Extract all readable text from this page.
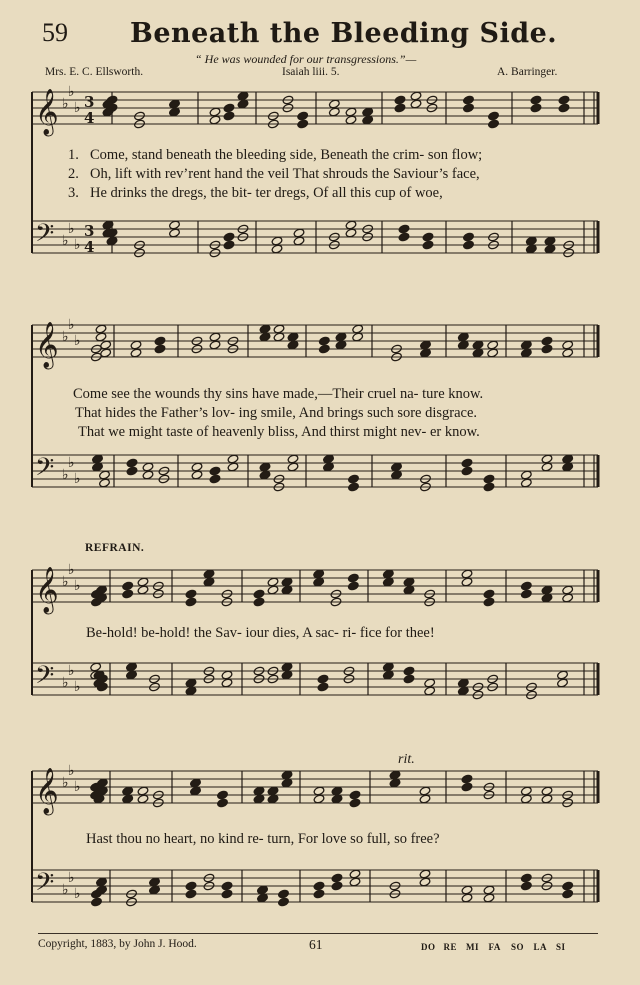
59 Beneath the Bleeding Side.
“ He was wounded for our transgressions.”—
Mrs. E. C. Ellsworth.	Isaiah liii. 5.	A. Barringer.
𝄞 ♭
♭
♭ 3
4
𝄢 ♭
♭
♭
3
4
𝄞 ♭
♭
♭
𝄢 ♭
♭
♭
𝄞 ♭
♭
♭
𝄢 ♭
♭
♭
𝄞 ♭
♭
♭
𝄢 ♭
♭
♭
1. Come, stand beneath the bleeding side, Beneath the crim- son flow;
2. Oh, lift with rev’rent hand the veil That shrouds the Saviour’s face,
3. He drinks the dregs, the bit- ter dregs, Of all this cup of woe,
Come see the wounds thy sins have made,—Their cruel na- ture know.
That hides the Father’s lov- ing smile, And brings such sore disgrace.
That we might taste of heavenly bliss, And thirst might nev- er know.
REFRAIN.
Be-hold! be-hold! the Sav- iour dies, A sac- ri- fice for thee!
rit.
Hast thou no heart, no kind re- turn, For love so full, so free?
Copyright, 1883, by John J. Hood.	61	DO RE MI FA SO LA SI
